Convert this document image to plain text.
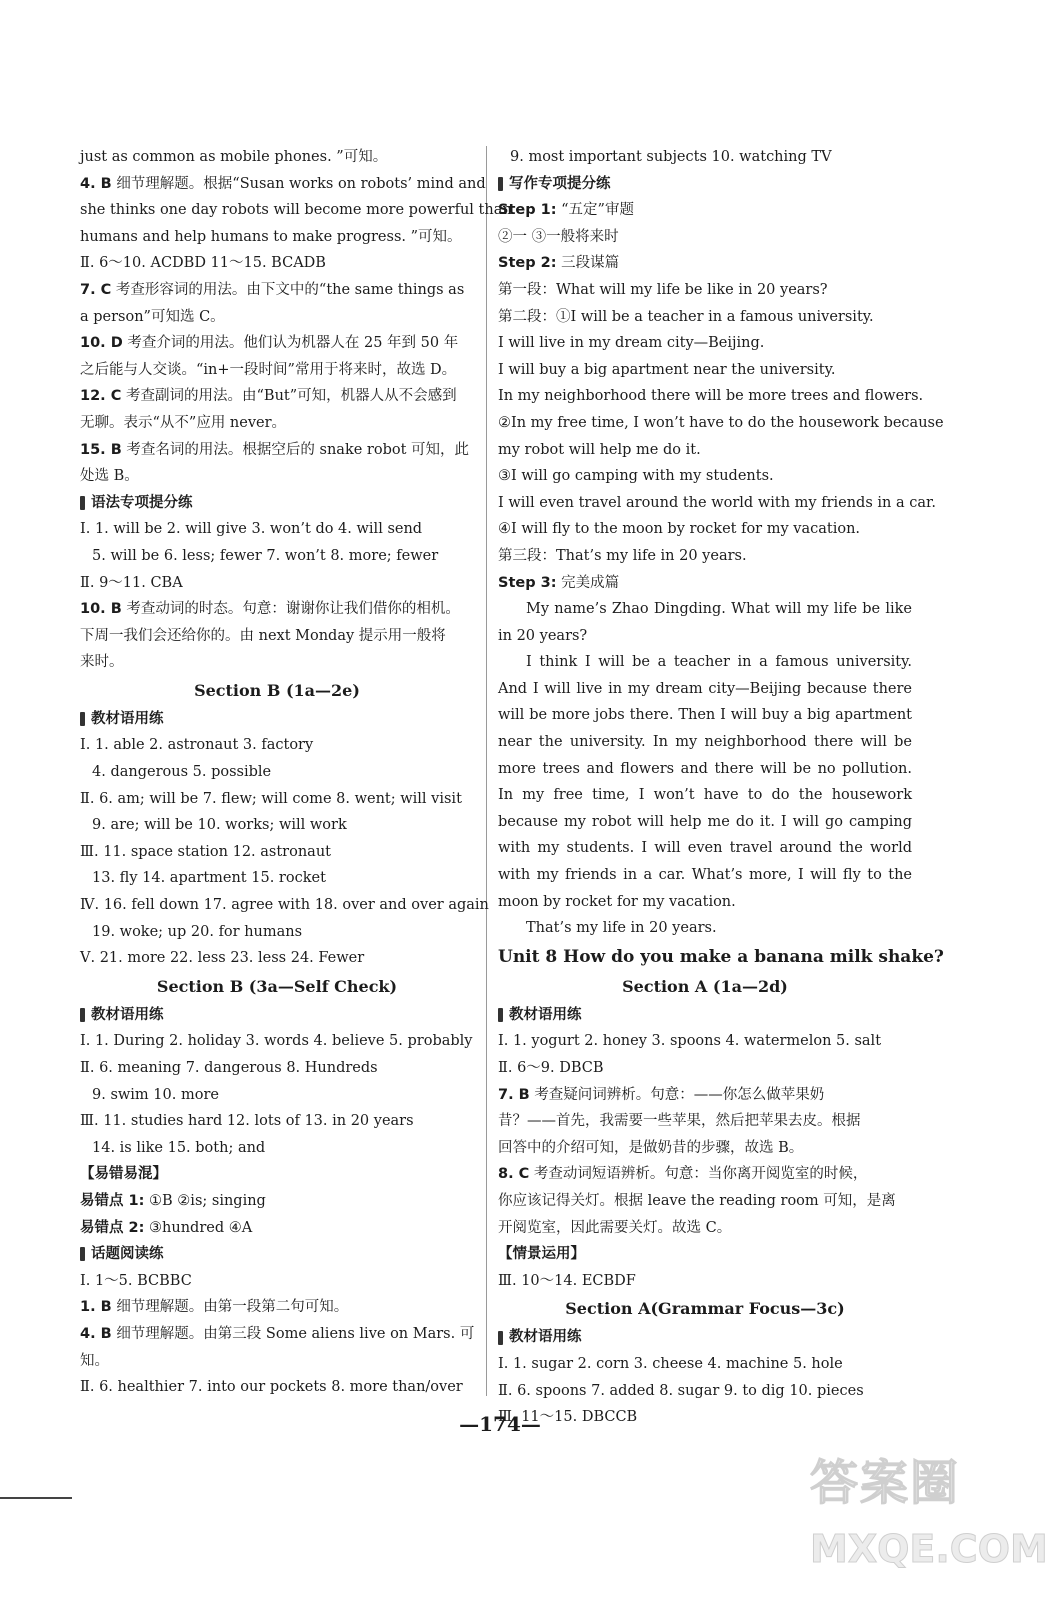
just as common as mobile phones. ”可知。
4. B 细节理解题。根据“Susan works on robots’ mind and
she thinks one day robots will become more powerful than
humans and help humans to make progress. ”可知。
Ⅱ. 6～10. ACDBD 11～15. BCADB
7. C 考查形容词的用法。由下文中的“the same things as
a person”可知选 C。
10. D 考查介词的用法。他们认为机器人在 25 年到 50 年
之后能与人交谈。“in+一段时间”常用于将来时，故选 D。
12. C 考查副词的用法。由“But”可知，机器人从不会感到
无聊。表示“从不”应用 never。
15. B 考查名词的用法。根据空后的 snake robot 可知，此
处选 B。
语法专项提分练
Ⅰ. 1. will be 2. will give 3. won’t do 4. will send
5. will be 6. less; fewer 7. won’t 8. more; fewer
Ⅱ. 9～11. CBA
10. B 考查动词的时态。句意：谢谢你让我们借你的相机。
下周一我们会还给你的。由 next Monday 提示用一般将
来时。
Section B (1a—2e)
教材语用练
Ⅰ. 1. able 2. astronaut 3. factory
4. dangerous 5. possible
Ⅱ. 6. am; will be 7. flew; will come 8. went; will visit
9. are; will be 10. works; will work
Ⅲ. 11. space station 12. astronaut
13. fly 14. apartment 15. rocket
Ⅳ. 16. fell down 17. agree with 18. over and over again
19. woke; up 20. for humans
Ⅴ. 21. more 22. less 23. less 24. Fewer
Section B (3a—Self Check)
教材语用练
Ⅰ. 1. During 2. holiday 3. words 4. believe 5. probably
Ⅱ. 6. meaning 7. dangerous 8. Hundreds
9. swim 10. more
Ⅲ. 11. studies hard 12. lots of 13. in 20 years
14. is like 15. both; and
【易错易混】
易错点 1: ①B ②is; singing
易错点 2: ③hundred ④A
话题阅读练
Ⅰ. 1～5. BCBBC
1. B 细节理解题。由第一段第二句可知。
4. B 细节理解题。由第三段 Some aliens live on Mars. 可
知。
Ⅱ. 6. healthier 7. into our pockets 8. more than/over
9. most important subjects 10. watching TV
写作专项提分练
Step 1: “五定”审题
②一 ③一般将来时
Step 2: 三段谋篇
第一段：What will my life be like in 20 years?
第二段：①I will be a teacher in a famous university.
I will live in my dream city—Beijing.
I will buy a big apartment near the university.
In my neighborhood there will be more trees and flowers.
②In my free time, I won’t have to do the housework because
my robot will help me do it.
③I will go camping with my students.
I will even travel around the world with my friends in a car.
④I will fly to the moon by rocket for my vacation.
第三段：That’s my life in 20 years.
Step 3: 完美成篇
My name’s Zhao Dingding. What will my life be like in 20 years?
I think I will be a teacher in a famous university. And I will live in my dream city—Beijing because there will be more jobs there. Then I will buy a big apartment near the university. In my neighborhood there will be more trees and flowers and there will be no pollution. In my free time, I won’t have to do the housework because my robot will help me do it. I will go camping with my students. I will even travel around the world with my friends in a car. What’s more, I will fly to the moon by rocket for my vacation.
That’s my life in 20 years.
Unit 8 How do you make a banana milk shake?
Section A (1a—2d)
教材语用练
Ⅰ. 1. yogurt 2. honey 3. spoons 4. watermelon 5. salt
Ⅱ. 6～9. DBCB
7. B 考查疑问词辨析。句意：——你怎么做苹果奶
昔？——首先，我需要一些苹果，然后把苹果去皮。根据
回答中的介绍可知，是做奶昔的步骤，故选 B。
8. C 考查动词短语辨析。句意：当你离开阅览室的时候，
你应该记得关灯。根据 leave the reading room 可知，是离
开阅览室，因此需要关灯。故选 C。
【情景运用】
Ⅲ. 10～14. ECBDF
Section A(Grammar Focus—3c)
教材语用练
Ⅰ. 1. sugar 2. corn 3. cheese 4. machine 5. hole
Ⅱ. 6. spoons 7. added 8. sugar 9. to dig 10. pieces
Ⅲ. 11～15. DBCCB
—174—
答案圈
MXQE.COM
